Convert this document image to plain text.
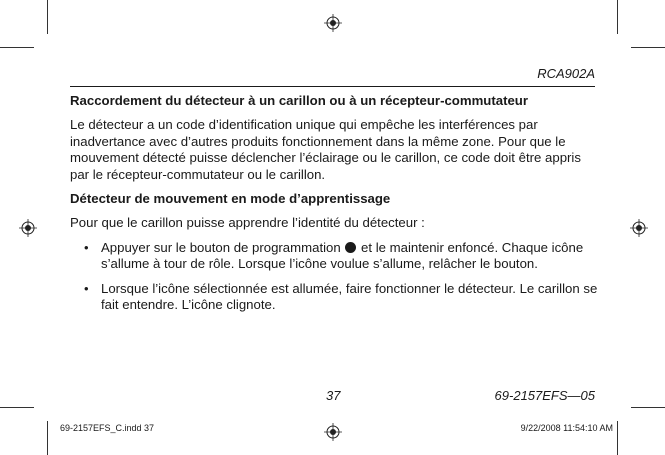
RCA902A

Raccordement du détecteur à un carillon ou à un récepteur-commutateur

Le détecteur a un code d’identification unique qui empêche les interférences par inadvertance avec d’autres produits fonctionnement dans la même zone. Pour que le mouvement détecté puisse déclencher l’éclairage ou le carillon, ce code doit être appris par le récepteur-commutateur ou le carillon.

Détecteur de mouvement en mode d’apprentissage

Pour que le carillon puisse apprendre l’identité du détecteur :

• Appuyer sur le bouton de programmation  et le maintenir enfoncé. Chaque icône s’allume à tour de rôle. Lorsque l’icône voulue s’allume, relâcher le bouton.
• Lorsque l’icône sélectionnée est allumée, faire fonctionner le détecteur. Le carillon se fait entendre. L’icône clignote.
37	69-2157EFS—05
69-2157EFS_C.indd 37	9/22/2008 11:54:10 AM
